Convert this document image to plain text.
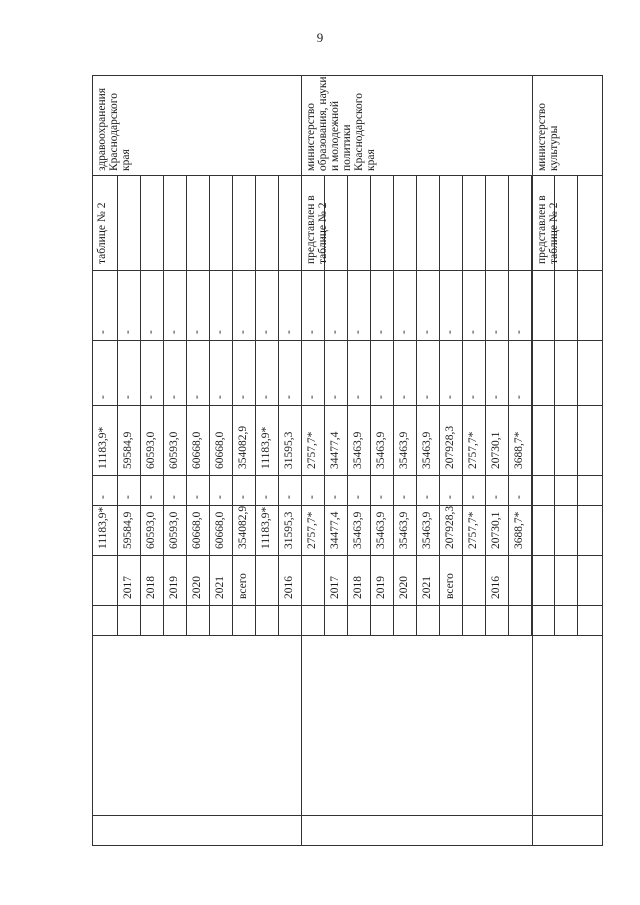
9
здравоохранения Краснодарского края
таблице № 2
министерство образования, науки и молодежной политики Краснодарского края
представлен в таблице № 2
министерство культуры
представлен в таблице № 2
-
-
11183,9*
-
11183,9*
-
-
59584,9
-
59584,9
2017
-
-
60593,0
-
60593,0
2018
-
-
60593,0
-
60593,0
2019
-
-
60668,0
-
60668,0
2020
-
-
60668,0
-
60668,0
2021
-
-
354082,9
-
354082,9
всего
-
-
11183,9*
-
11183,9*
-
-
31595,3
-
31595,3
2016
-
-
2757,7*
-
2757,7*
-
-
34477,4
-
34477,4
2017
-
-
35463,9
-
35463,9
2018
-
-
35463,9
-
35463,9
2019
-
-
35463,9
-
35463,9
2020
-
-
35463,9
-
35463,9
2021
-
-
207928,3
-
207928,3
всего
-
-
2757,7*
-
2757,7*
-
-
20730,1
-
20730,1
2016
-
-
3688,7*
-
3688,7*
